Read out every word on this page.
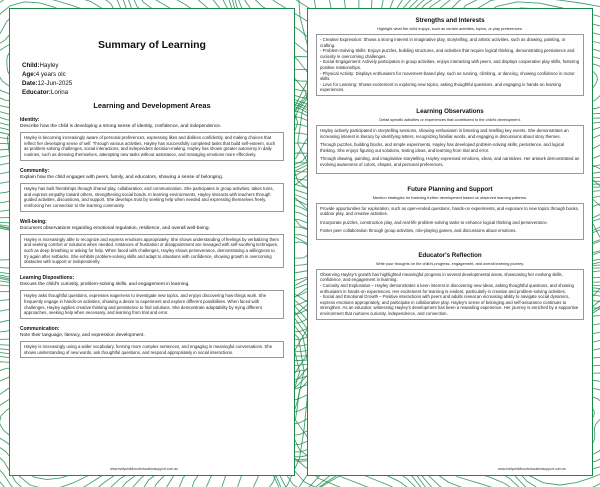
Summary of Learning
Child:Hayley
Age:4 years olc
Date:12-Jun-2025
Educator:Lorina
Learning and Development Areas
Identity:
Describe how the child is developing a strong sense of identity, confidence, and independence.
Hayley is becoming increasingly aware of personal preferences, expressing likes and dislikes confidently, and making choices that reflect her developing sense of self. Through various activities, Hayley has successfully completed tasks that build self-esteem, such as problem-solving challenges, social interactions, and independent decision-making. Hayley has shown greater autonomy in daily routines, such as dressing themselves, attempting new tasks without assistance, and managing emotions more effectively.
Community:
Explain how the child engages with peers, family, and educators, showing a sense of belonging.
Hayley has built friendships through shared play, collaboration, and communication. She participates in group activities, takes turns, and express empathy toward others, strengthening social bonds. In learning environments, Hayley interacts with teachers through guided activities, discussions, and support. She develops trust by seeking help when needed and expressing themselves freely, reinforcing her connection to the learning community.
Well-being:
Document observations regarding emotional regulation, resilience, and overall well-being.
Hayley is increasingly able to recognize and express emotions appropriately. She shows understanding of feelings by verbalizing them and seeking comfort or solutions when needed. Instances of frustration or disappointment are managed with self-soothing techniques, such as deep breathing or asking for help. When faced with challenges, Hayley shows perseverance, demonstrating a willingness to try again after setbacks. She exhibits problem-solving skills and adapt to situations with confidence, showing growth in overcoming obstacles with support or independently.
Learning Dispositions:
Discuss the child's curiosity, problem-solving skills, and engagement in learning.
Hayley asks thoughtful questions, expresses eagerness to investigate new topics, and enjoys discovering how things work. She frequently engage in hands-on activities, showing a desire to experiment and explore different possibilities. When faced with challenges, Hayley applies creative thinking and persistence to find solutions. She demonstrate adaptability by trying different approaches, seeking help when necessary, and learning from trial and error.
Communication:
Note their language, literacy, and expression development.
Hayley is increasingly using a wider vocabulary, forming more complex sentences, and engaging in meaningful conversations. She shows understanding of new words, ask thoughtful questions, and respond appropriately in social interactions.
www.earlychildhoodeducationsupport.com.au
Strengths and Interests
Highlight what the child enjoys, such as certain activities, topics, or play preferences.
- Creative Expression: Shows a strong interest in imaginative play, storytelling, and artistic activities, such as drawing, painting, or crafting.
- Problem-Solving Skills: Enjoys puzzles, building structures, and activities that require logical thinking, demonstrating persistence and curiosity in overcoming challenges.
- Social Engagement: Actively participates in group activities, enjoys interacting with peers, and displays cooperative play skills, fostering positive relationships.
- Physical Activity: Displays enthusiasm for movement-based play, such as running, climbing, or dancing, showing confidence in motor skills.
- Love for Learning: Shows excitement in exploring new topics, asking thoughtful questions, and engaging in hands-on learning experiences.
Learning Observations
Detail specific activities or experiences that contributed to the child's development.

Hayley actively participated in storytelling sessions, showing enthusiasm in listening and retelling key events. She demonstrates an increasing interest in literacy by identifying letters, recognizing familiar words, and engaging in discussions about story themes.

Through puzzles, building blocks, and simple experiments, Hayley has developed problem-solving skills, persistence, and logical thinking. She enjoys figuring out solutions, testing ideas, and learning from trial and error.

Through drawing, painting, and imaginative storytelling, Hayley expressed emotions, ideas, and narratives. Her artwork demonstrated an evolving awareness of colors, shapes, and personal preferences.

Future Planning and Support
Mention strategies for fostering further development based on observed learning patterns.

Provide opportunities for exploration, such as open-ended questions, hands-on experiments, and exposure to new topics through books, outdoor play, and creative activities.

Incorporate puzzles, construction play, and real-life problem-solving tasks to enhance logical thinking and perseverance.

Foster peer collaboration through group activities, role-playing games, and discussions about emotions.

Educator's Reflection
Write your thoughts on the child's progress, engagement, and overall learning journey.
Observing Hayley's growth has highlighted meaningful progress in several developmental areas, showcasing her evolving skills, confidence, and engagement in learning.
- Curiosity and Exploration – Hayley demonstrates a keen interest in discovering new ideas, asking thoughtful questions, and showing enthusiasm in hands-on experiences. Her excitement for learning is evident, particularly in creative and problem-solving activities.
- Social and Emotional Growth – Positive interactions with peers and adults reveal an increasing ability to navigate social dynamics, express emotions appropriately, and participate in collaborative play. Hayley's sense of belonging and self-assurance continues to strengthen. As an educator, witnessing Hayley's development has been a rewarding experience. Her journey is enriched by a supportive environment that nurtures curiosity, independence, and connection.
www.earlychildhoodeducationsupport.com.au
